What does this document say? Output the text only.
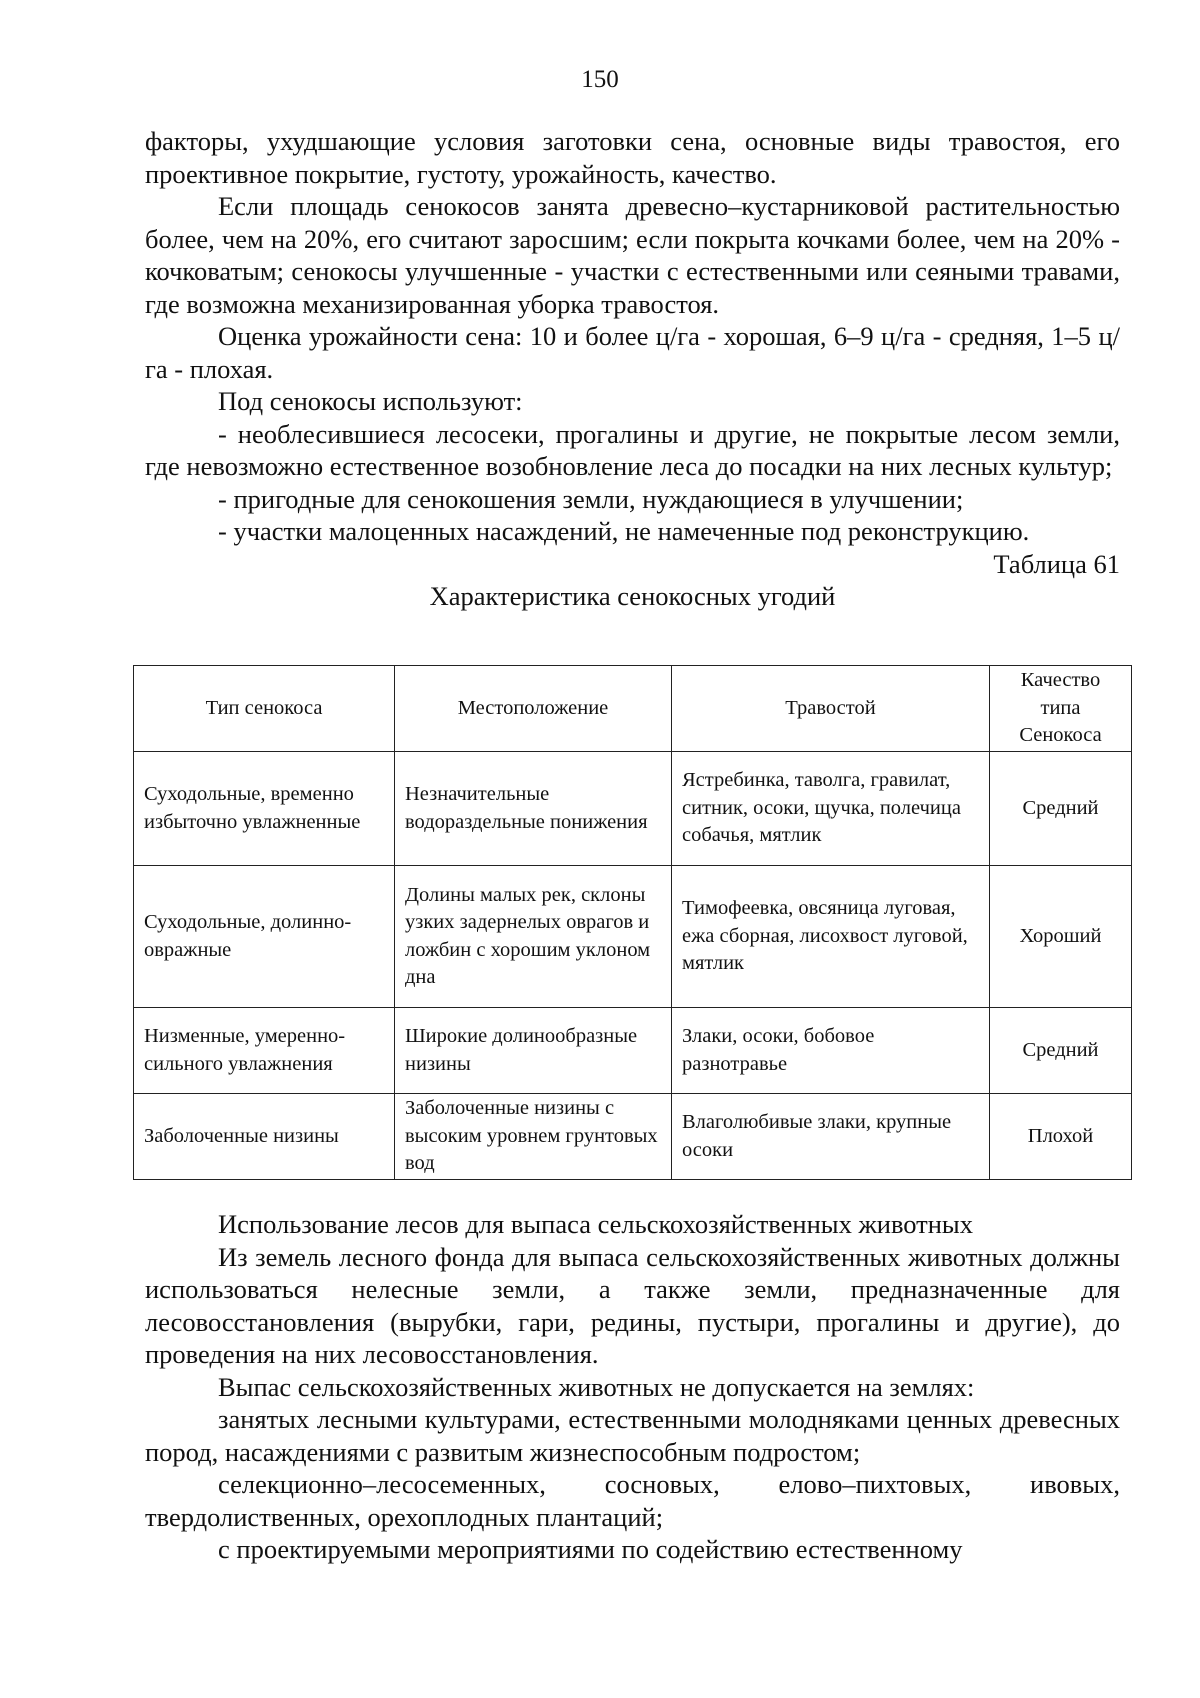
150

факторы, ухудшающие условия заготовки сена, основные виды травостоя, его проективное покрытие, густоту, урожайность, качество.

Если площадь сенокосов занята древесно–кустарниковой растительностью более, чем на 20%, его считают заросшим; если покрыта кочками более, чем на 20% - кочковатым; сенокосы улучшенные - участки с естественными или сеяными травами, где возможна механизированная уборка травостоя.

Оценка урожайности сена: 10 и более ц/га - хорошая, 6–9 ц/га - средняя, 1–5 ц/га - плохая.

Под сенокосы используют:

- необлесившиеся лесосеки, прогалины и другие, не покрытые лесом земли, где невозможно естественное возобновление леса до посадки на них лесных культур;

- пригодные для сенокошения земли, нуждающиеся в улучшении;

- участки малоценных насаждений, не намеченные под реконструкцию.

Таблица 61

Характеристика сенокосных угодий

Тип сенокоса	Местоположение	Травостой	Качество типа Сенокоса
Суходольные, временно избыточно увлажненные	Незначительные водораздельные понижения	Ястребинка, таволга, гравилат, ситник, осоки, щучка, полечица собачья, мятлик	Средний
Суходольные, долинно-овражные	Долины малых рек, склоны узких задернелых оврагов и ложбин с хорошим уклоном дна	Тимофеевка, овсяница луговая, ежа сборная, лисохвост луговой, мятлик	Хороший
Низменные, умеренно-сильного увлажнения	Широкие долинообразные низины	Злаки, осоки, бобовое разнотравье	Средний
Заболоченные низины	Заболоченные низины с высоким уровнем грунтовых вод	Влаголюбивые злаки, крупные осоки	Плохой

Использование лесов для выпаса сельскохозяйственных животных

Из земель лесного фонда для выпаса сельскохозяйственных животных должны использоваться нелесные земли, а также земли, предназначенные для лесовосстановления (вырубки, гари, редины, пустыри, прогалины и другие), до проведения на них лесовосстановления.

Выпас сельскохозяйственных животных не допускается на землях:

занятых лесными культурами, естественными молодняками ценных древесных пород, насаждениями с развитым жизнеспособным подростом;

селекционно–лесосеменных, сосновых, елово–пихтовых, ивовых, твердолиственных, орехоплодных плантаций;

с проектируемыми мероприятиями по содействию естественному
